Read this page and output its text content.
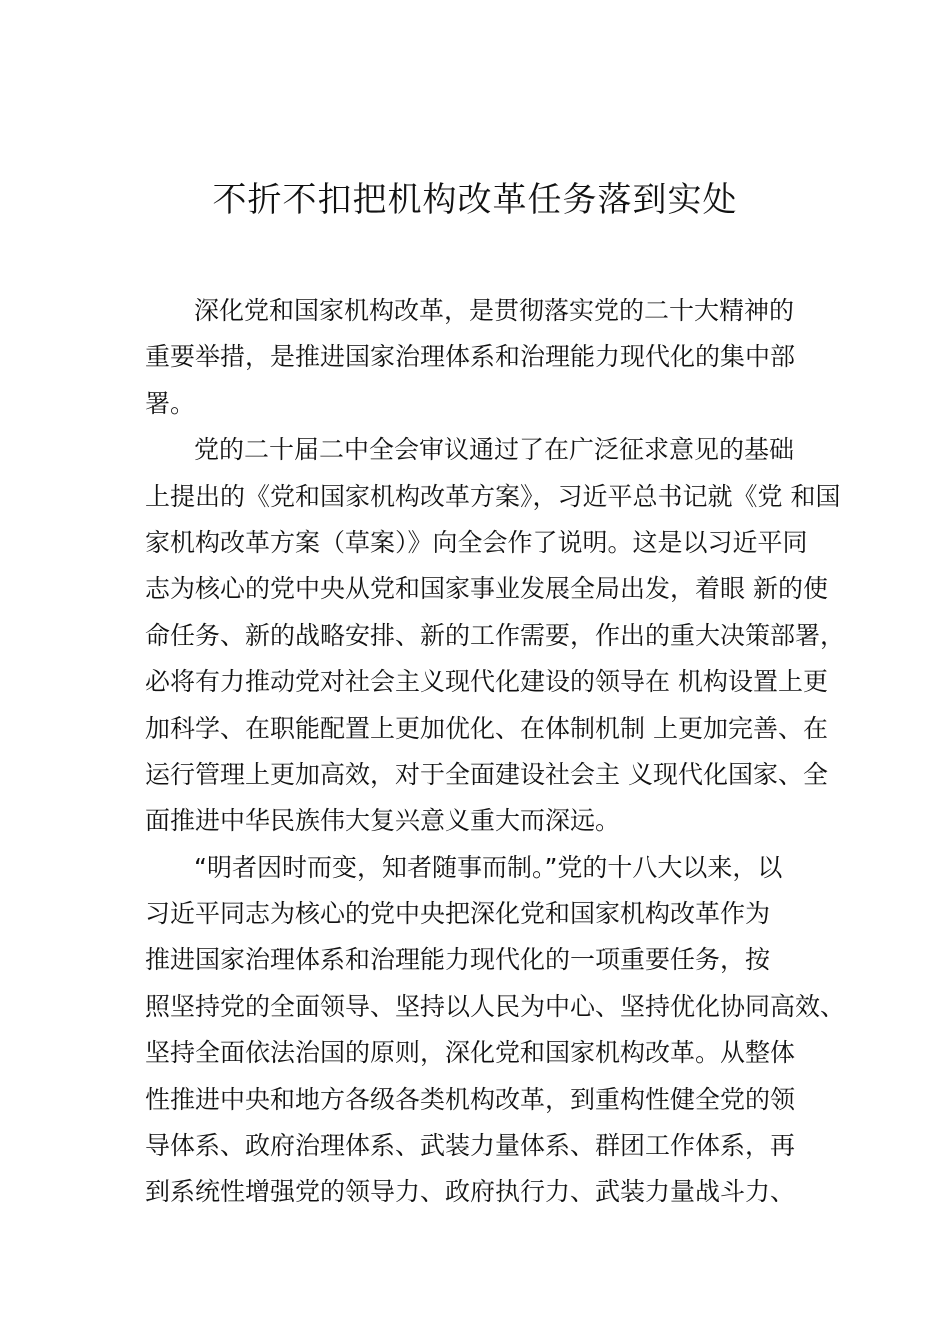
不折不扣把机构改革任务落到实处
深化党和国家机构改革，是贯彻落实党的二十大精神的
重要举措，是推进国家治理体系和治理能力现代化的集中部
署。
党的二十届二中全会审议通过了在广泛征求意见的基础
上提出的《党和国家机构改革方案》，习近平总书记就《党 和国
家机构改革方案（草案）》向全会作了说明。这是以习近平同
志为核心的党中央从党和国家事业发展全局出发，着眼 新的使
命任务、新的战略安排、新的工作需要，作出的重大决策部署，
必将有力推动党对社会主义现代化建设的领导在 机构设置上更
加科学、在职能配置上更加优化、在体制机制 上更加完善、在
运行管理上更加高效，对于全面建设社会主 义现代化国家、全
面推进中华民族伟大复兴意义重大而深远。
“明者因时而变，知者随事而制。”党的十八大以来，以
习近平同志为核心的党中央把深化党和国家机构改革作为
推进国家治理体系和治理能力现代化的一项重要任务，按
照坚持党的全面领导、坚持以人民为中心、坚持优化协同高效、
坚持全面依法治国的原则，深化党和国家机构改革。从整体
性推进中央和地方各级各类机构改革，到重构性健全党的领
导体系、政府治理体系、武装力量体系、群团工作体系，再
到系统性增强党的领导力、政府执行力、武装力量战斗力、
